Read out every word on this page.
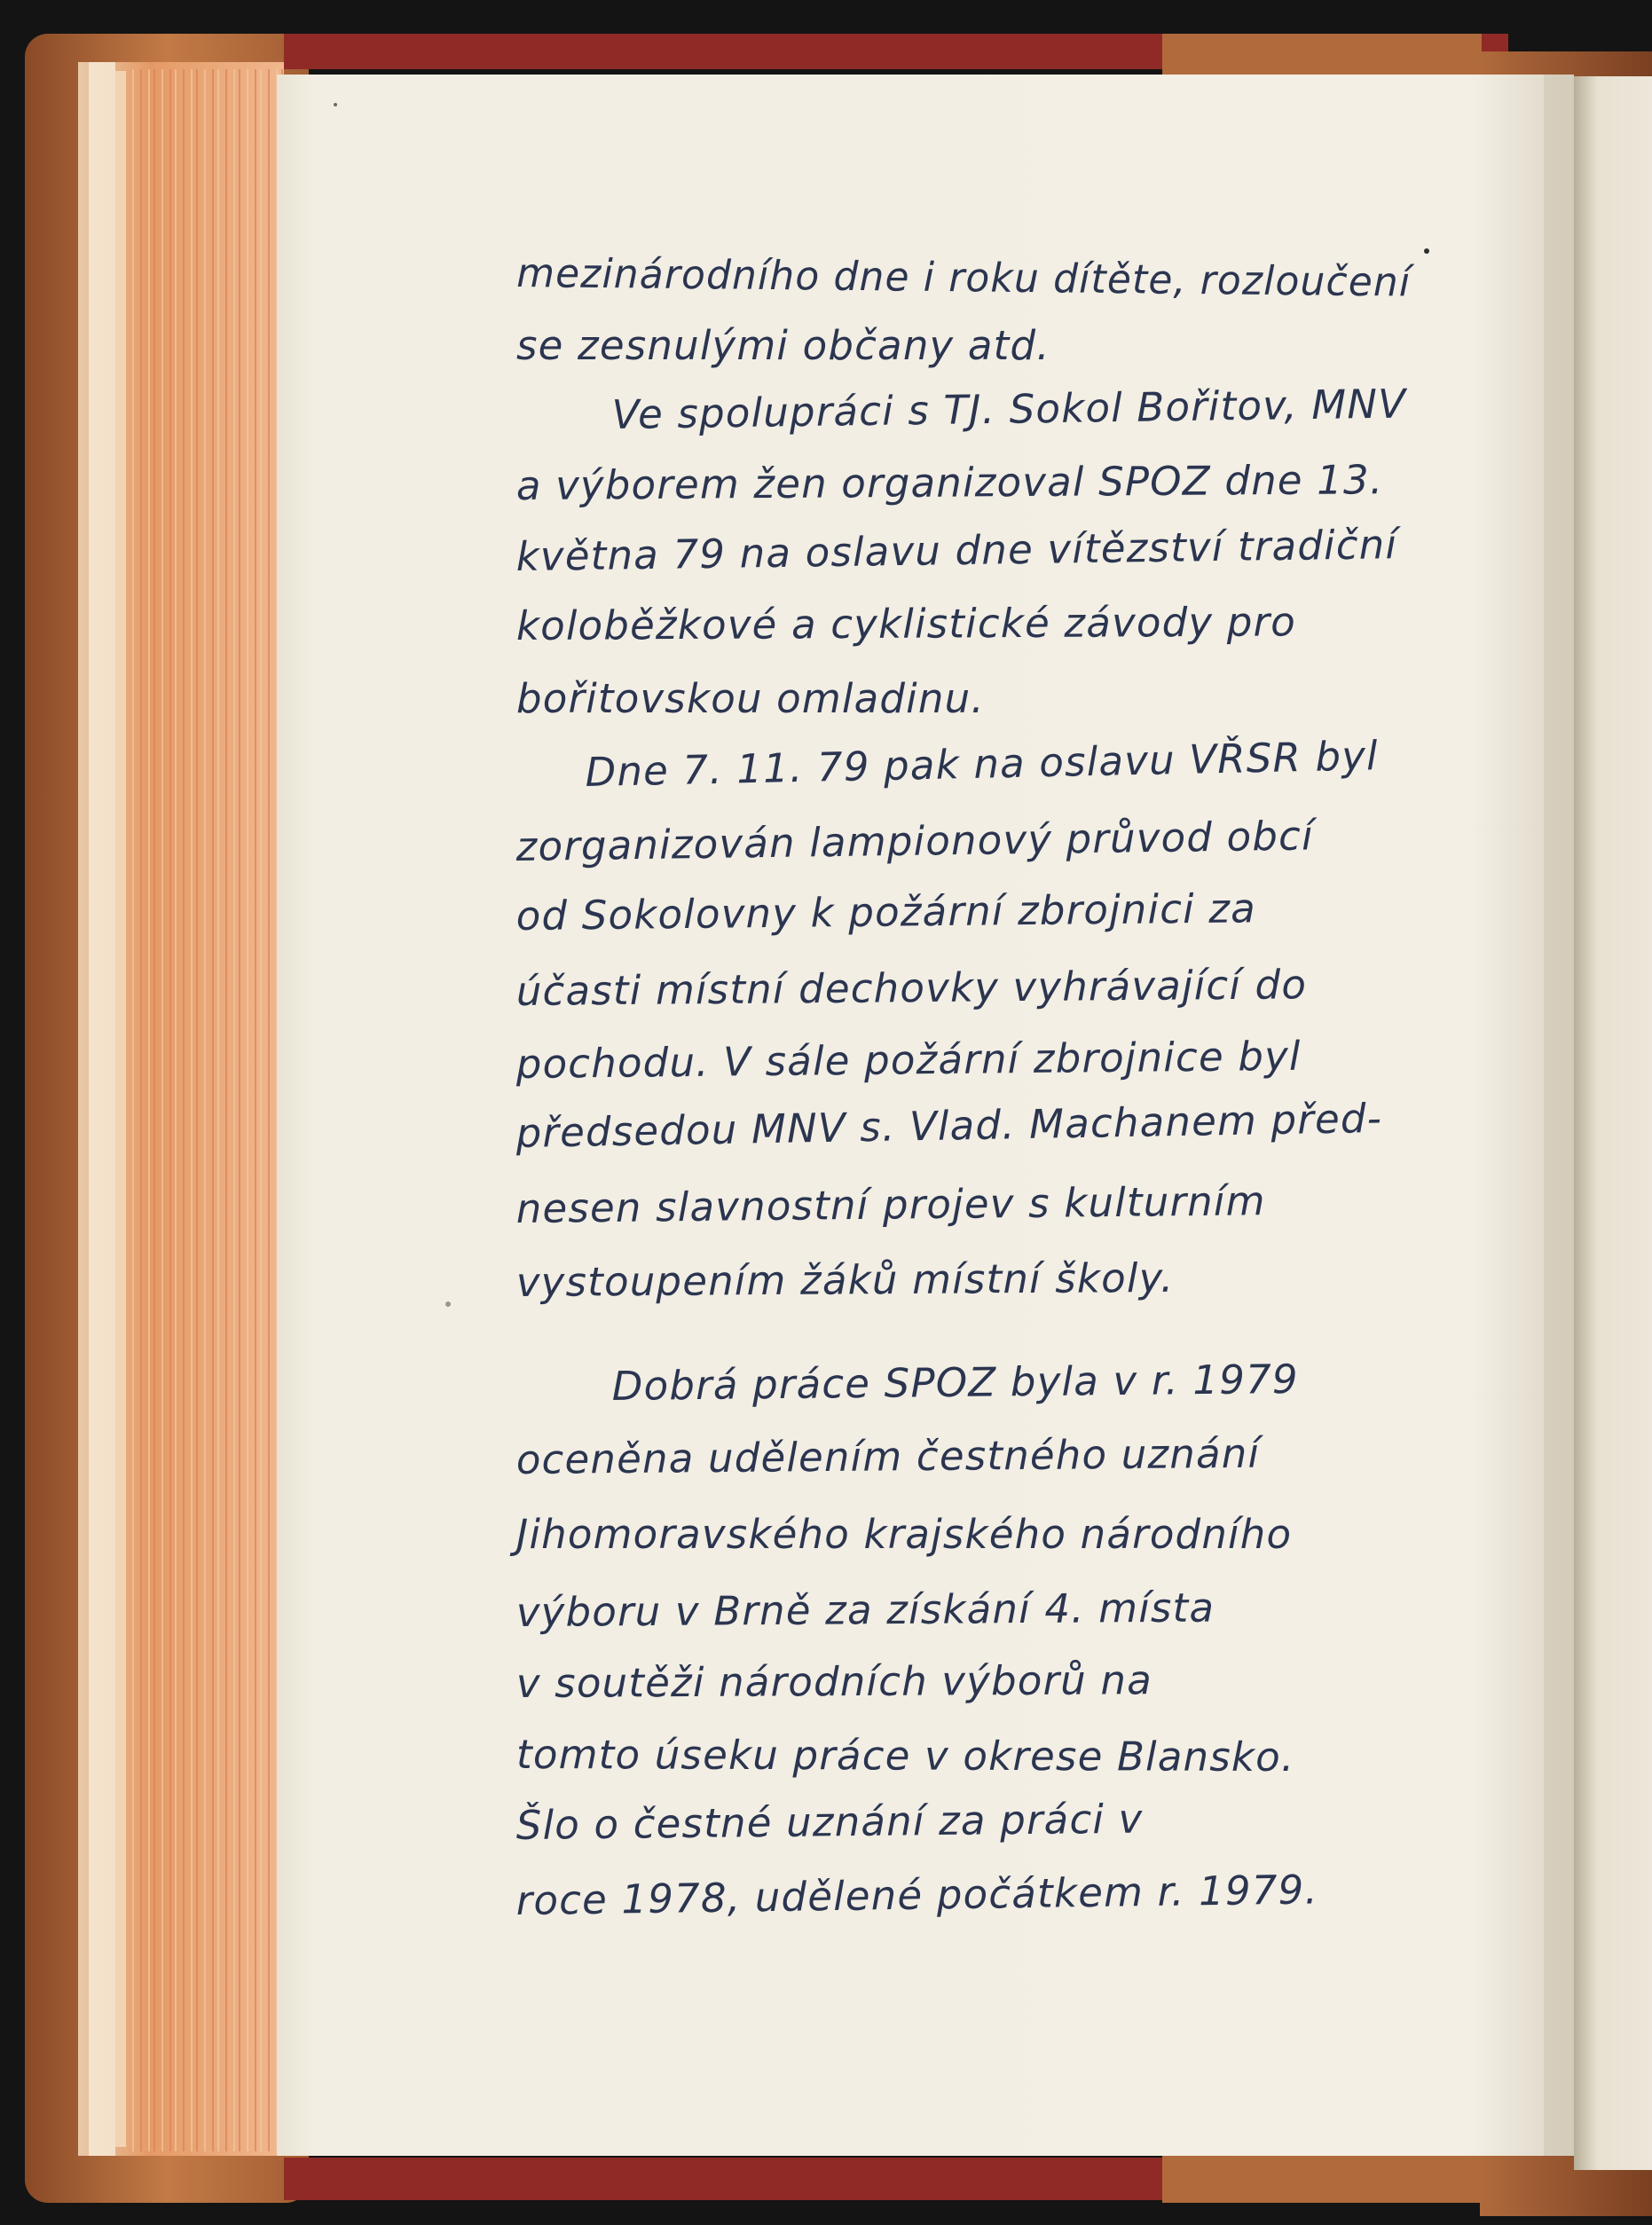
mezinárodního dne i roku dítěte, rozloučení

se zesnulými občany atd.

Ve spolupráci s TJ. Sokol Bořitov, MNV

a výborem žen organizoval SPOZ dne 13.

května 79 na oslavu dne vítězství tradiční

koloběžkové a cyklistické závody pro

bořitovskou omladinu.

Dne 7. 11. 79 pak na oslavu VŘSR byl

zorganizován lampionový průvod obcí

od Sokolovny k požární zbrojnici za

účasti místní dechovky vyhrávající do

pochodu. V sále požární zbrojnice byl

předsedou MNV s. Vlad. Machanem před-

nesen slavnostní projev s kulturním

vystoupením žáků místní školy.

Dobrá práce SPOZ byla v r. 1979

oceněna udělením čestného uznání

Jihomoravského krajského národního

výboru v Brně za získání 4. místa

v soutěži národních výborů na

tomto úseku práce v okrese Blansko.

Šlo o čestné uznání za práci v

roce 1978, udělené počátkem r. 1979.
